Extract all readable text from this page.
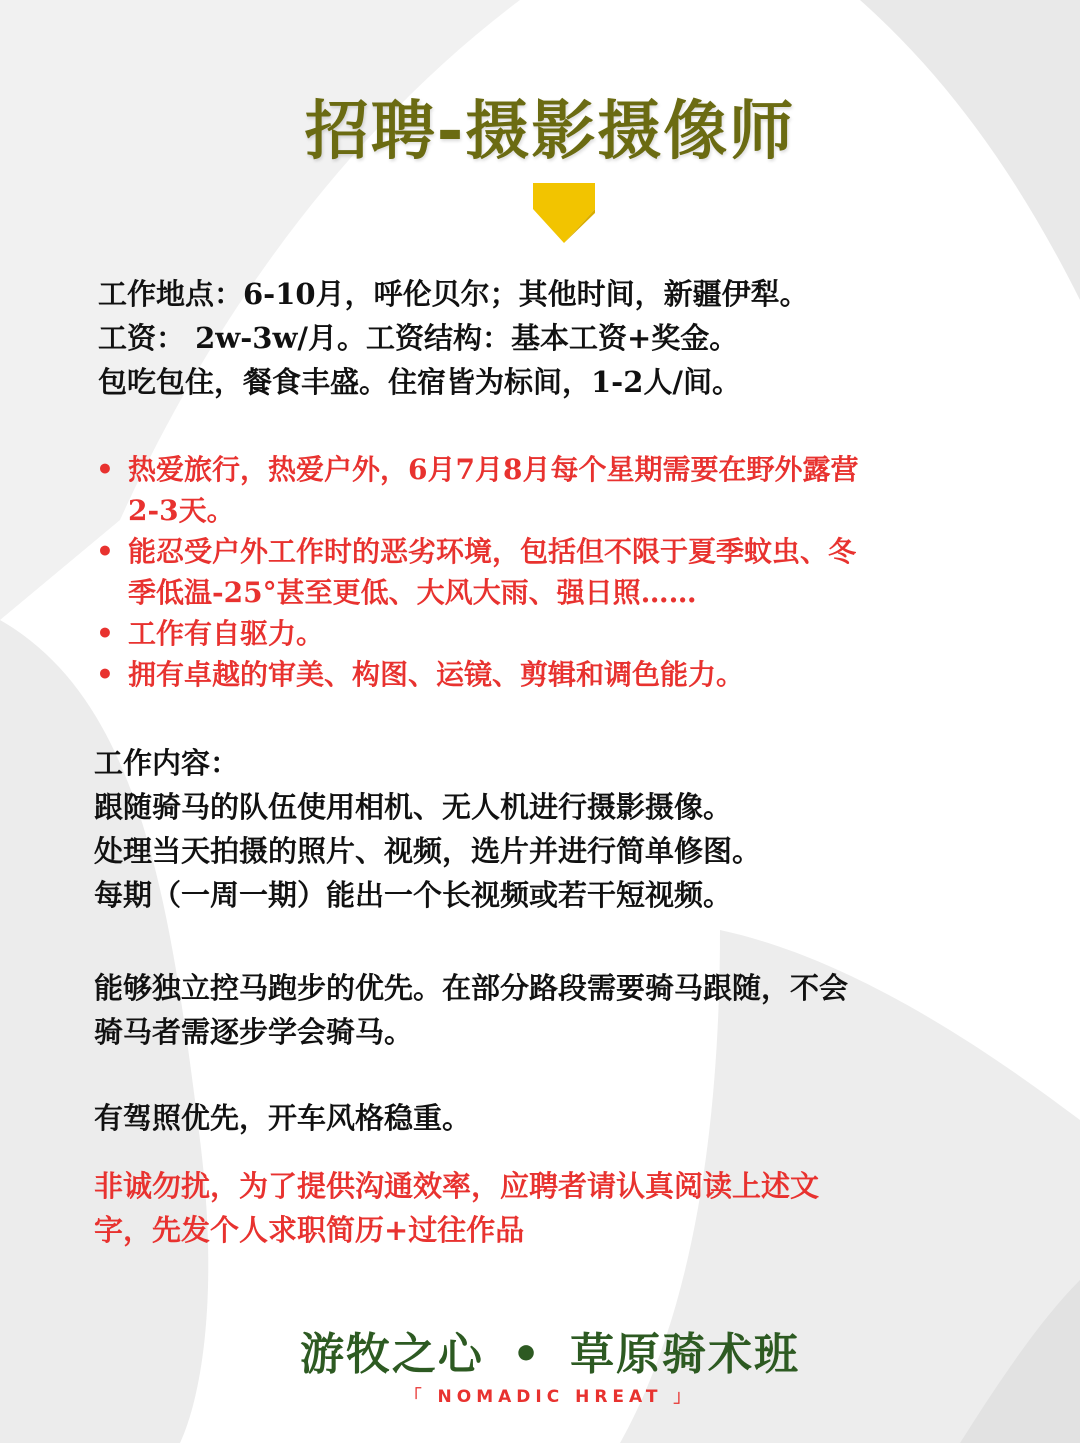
招聘-摄影摄像师

工作地点：6-10月，呼伦贝尔；其他时间，新疆伊犁。

工资： 2w-3w/月。工资结构：基本工资+奖金。

包吃包住，餐食丰盛。住宿皆为标间，1-2人/间。

• 热爱旅行，热爱户外，6月7月8月每个星期需要在野外露营
2-3天。
• 能忍受户外工作时的恶劣环境，包括但不限于夏季蚊虫、冬
季低温-25°甚至更低、大风大雨、强日照……
• 工作有自驱力。
• 拥有卓越的审美、构图、运镜、剪辑和调色能力。

工作内容：

跟随骑马的队伍使用相机、无人机进行摄影摄像。

处理当天拍摄的照片、视频，选片并进行简单修图。

每期（一周一期）能出一个长视频或若干短视频。

能够独立控马跑步的优先。在部分路段需要骑马跟随，不会
骑马者需逐步学会骑马。
有驾照优先，开车风格稳重。
非诚勿扰，为了提供沟通效率，应聘者请认真阅读上述文
字，先发个人求职简历+过往作品
游牧之心 • 草原骑术班
「 NOMADIC HREAT 」
